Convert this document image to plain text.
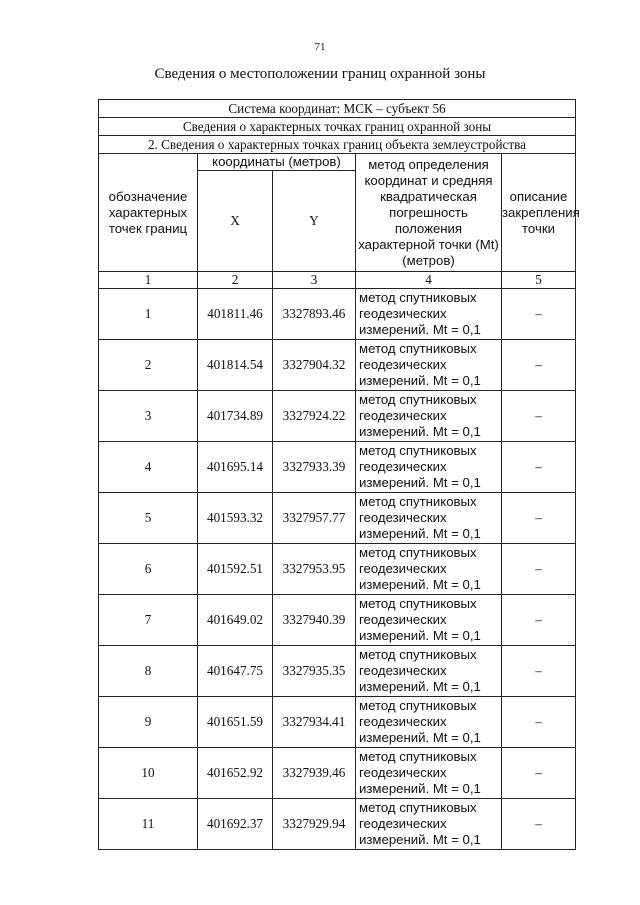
71
Сведения о местоположении границ охранной зоны
Система координат: МСК – субъект 56				
Сведения о характерных точках границ охранной зоны				
2. Сведения о характерных точках границ объекта землеустройства				
обозначение характерных точек границ	координаты (метров)		метод определения координат и средняя квадратическая погрешность положения характерной точки (Mt) (метров)	описание закрепления точки
	X	Y		
1	2	3	4	5
1	401811.46	3327893.46	метод спутниковых
геодезических
измерений. Mt = 0,1	–
2	401814.54	3327904.32	метод спутниковых
геодезических
измерений. Mt = 0,1	–
3	401734.89	3327924.22	метод спутниковых
геодезических
измерений. Mt = 0,1	–
4	401695.14	3327933.39	метод спутниковых
геодезических
измерений. Mt = 0,1	–
5	401593.32	3327957.77	метод спутниковых
геодезических
измерений. Mt = 0,1	–
6	401592.51	3327953.95	метод спутниковых
геодезических
измерений. Mt = 0,1	–
7	401649.02	3327940.39	метод спутниковых
геодезических
измерений. Mt = 0,1	–
8	401647.75	3327935.35	метод спутниковых
геодезических
измерений. Mt = 0,1	–
9	401651.59	3327934.41	метод спутниковых
геодезических
измерений. Mt = 0,1	–
10	401652.92	3327939.46	метод спутниковых
геодезических
измерений. Mt = 0,1	–
11	401692.37	3327929.94	метод спутниковых
геодезических
измерений. Mt = 0,1	–
